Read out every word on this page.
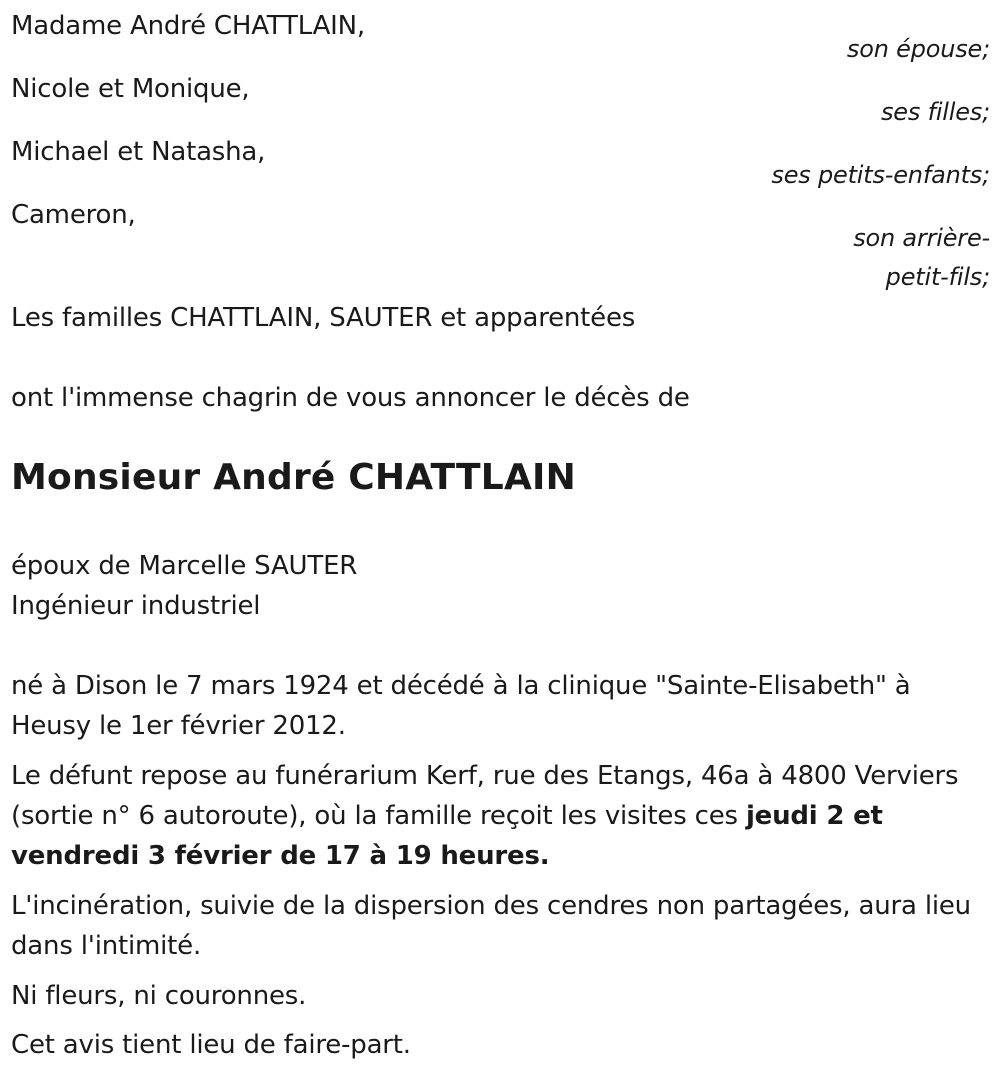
Madame André CHATTLAIN,
son épouse;
Nicole et Monique,
ses filles;
Michael et Natasha,
ses petits-enfants;
Cameron,
son arrière-
petit-fils;
Les familles CHATTLAIN, SAUTER et apparentées
ont l'immense chagrin de vous annoncer le décès de
Monsieur André CHATTLAIN
époux de Marcelle SAUTER
Ingénieur industriel
né à Dison le 7 mars 1924 et décédé à la clinique "Sainte-Elisabeth" à Heusy le 1er février 2012.
Le défunt repose au funérarium Kerf, rue des Etangs, 46a à 4800 Verviers (sortie n° 6 autoroute), où la famille reçoit les visites ces jeudi 2 et vendredi 3 février de 17 à 19 heures.
L'incinération, suivie de la dispersion des cendres non partagées, aura lieu dans l'intimité.
Ni fleurs, ni couronnes.
Cet avis tient lieu de faire-part.
